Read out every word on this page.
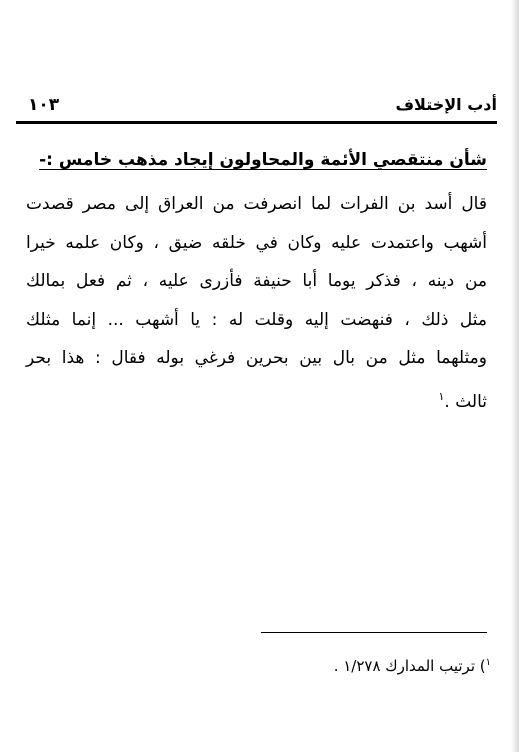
أدب الإختلاف
١٠٣
شأن منتقصي الأئمة والمحاولون إيجاد مذهب خامس :-
قال أسد بن الفرات لما انصرفت من العراق إلى مصر قصدت
أشهب واعتمدت عليه وكان في خلقه ضيق ، وكان علمه خيرا
من دينه ، فذكر يوما أبا حنيفة فأزرى عليه ، ثم فعل بمالك
مثل ذلك ، فنهضت إليه وقلت له : يا أشهب ... إنما مثلك
ومثلهما مثل من بال بين بحرين فرغي بوله فقال : هذا بحر
ثالث .$^١$
$^١$) ترتيب المدارك ١/٢٧٨ .
